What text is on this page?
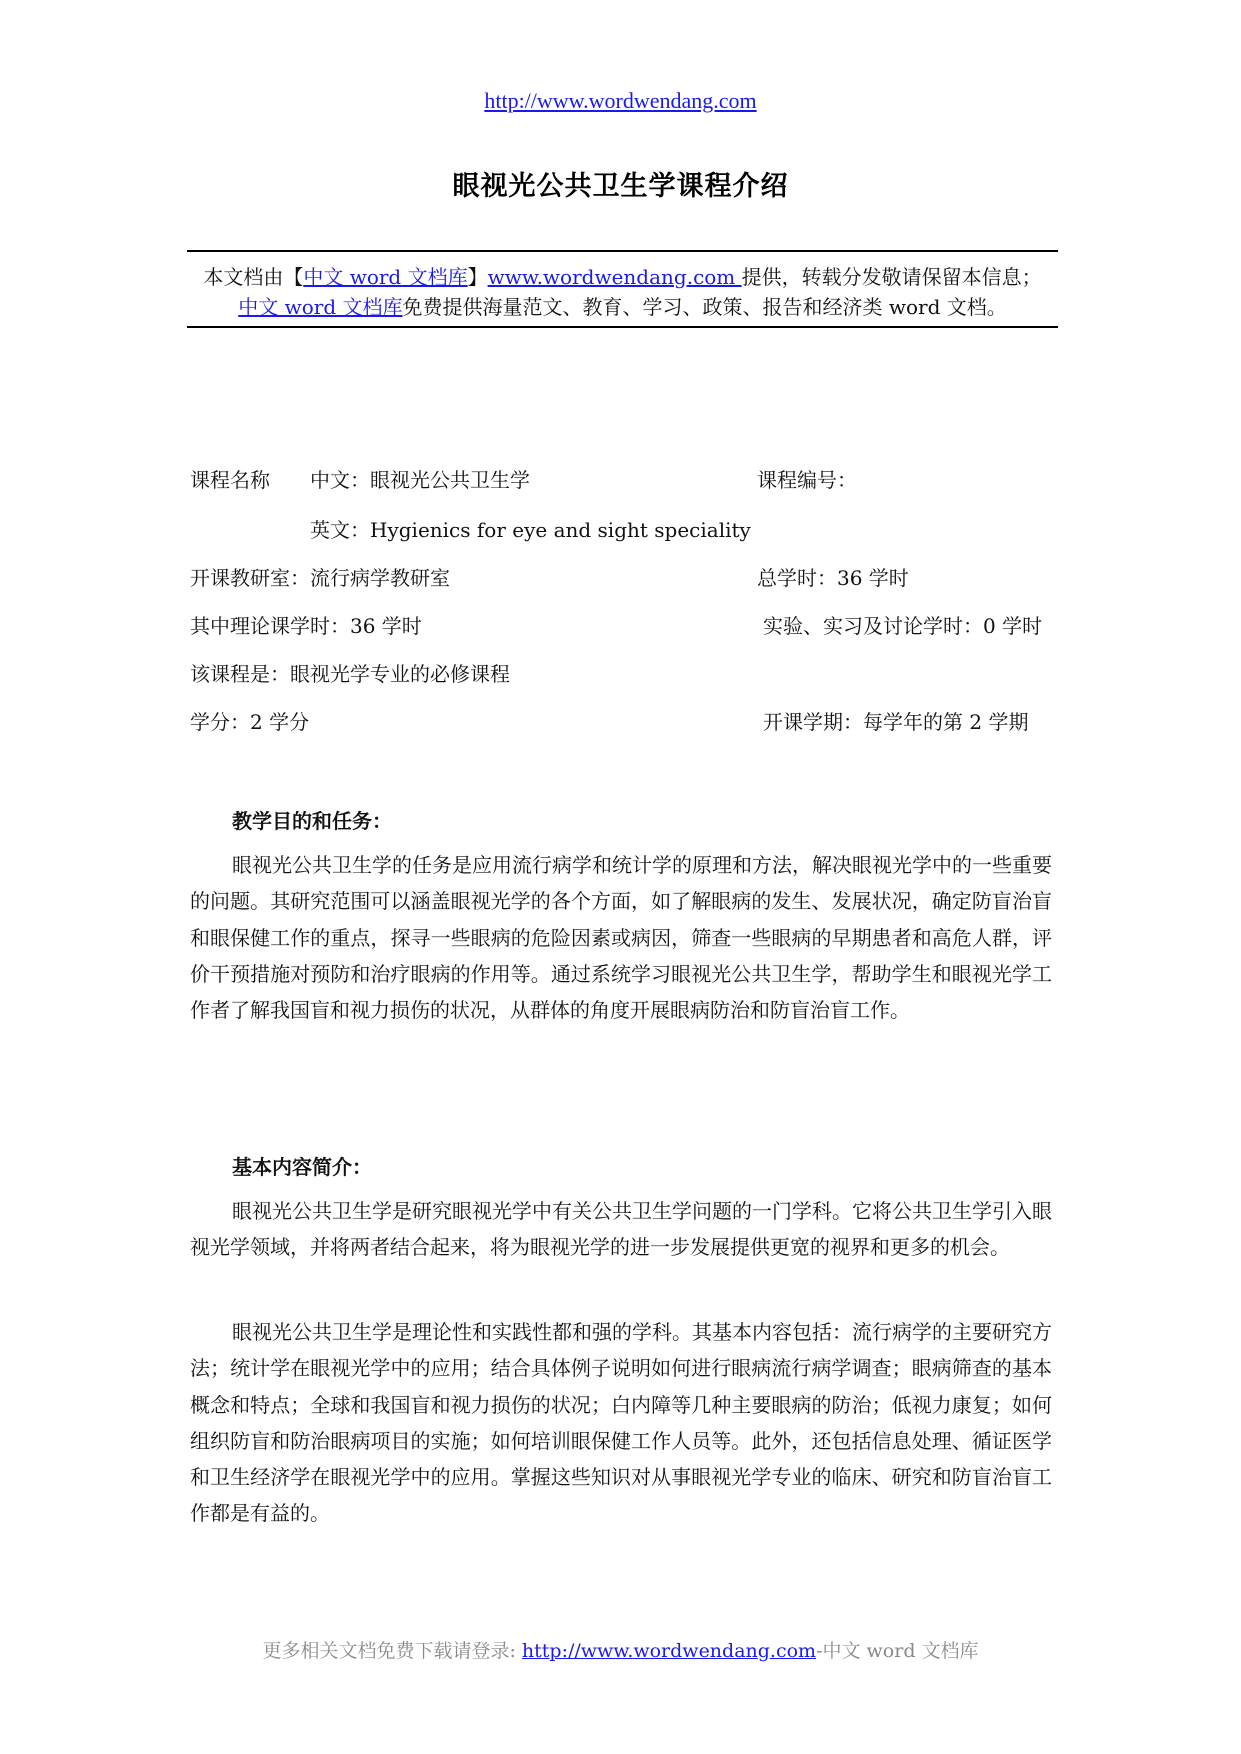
http://www.wordwendang.com
眼视光公共卫生学课程介绍
本文档由【中文 word 文档库】www.wordwendang.com 提供，转载分发敬请保留本信息；
中文 word 文档库免费提供海量范文、教育、学习、政策、报告和经济类 word 文档。
课程名称 中文：眼视光公共卫生学	课程编号：
英文：Hygienics for eye and sight speciality
开课教研室：流行病学教研室	总学时：36 学时
其中理论课学时：36 学时	实验、实习及讨论学时：0 学时
该课程是：眼视光学专业的必修课程
学分：2 学分	开课学期：每学年的第 2 学期
教学目的和任务：
眼视光公共卫生学的任务是应用流行病学和统计学的原理和方法，解决眼视光学中的一些重要的问题。其研究范围可以涵盖眼视光学的各个方面，如了解眼病的发生、发展状况，确定防盲治盲和眼保健工作的重点，探寻一些眼病的危险因素或病因，筛查一些眼病的早期患者和高危人群，评价干预措施对预防和治疗眼病的作用等。通过系统学习眼视光公共卫生学，帮助学生和眼视光学工作者了解我国盲和视力损伤的状况，从群体的角度开展眼病防治和防盲治盲工作。
基本内容简介：
眼视光公共卫生学是研究眼视光学中有关公共卫生学问题的一门学科。它将公共卫生学引入眼视光学领域，并将两者结合起来，将为眼视光学的进一步发展提供更宽的视界和更多的机会。
眼视光公共卫生学是理论性和实践性都和强的学科。其基本内容包括：流行病学的主要研究方法；统计学在眼视光学中的应用；结合具体例子说明如何进行眼病流行病学调查；眼病筛查的基本概念和特点；全球和我国盲和视力损伤的状况；白内障等几种主要眼病的防治；低视力康复；如何组织防盲和防治眼病项目的实施；如何培训眼保健工作人员等。此外，还包括信息处理、循证医学和卫生经济学在眼视光学中的应用。掌握这些知识对从事眼视光学专业的临床、研究和防盲治盲工作都是有益的。
更多相关文档免费下载请登录: http://www.wordwendang.com-中文 word 文档库
